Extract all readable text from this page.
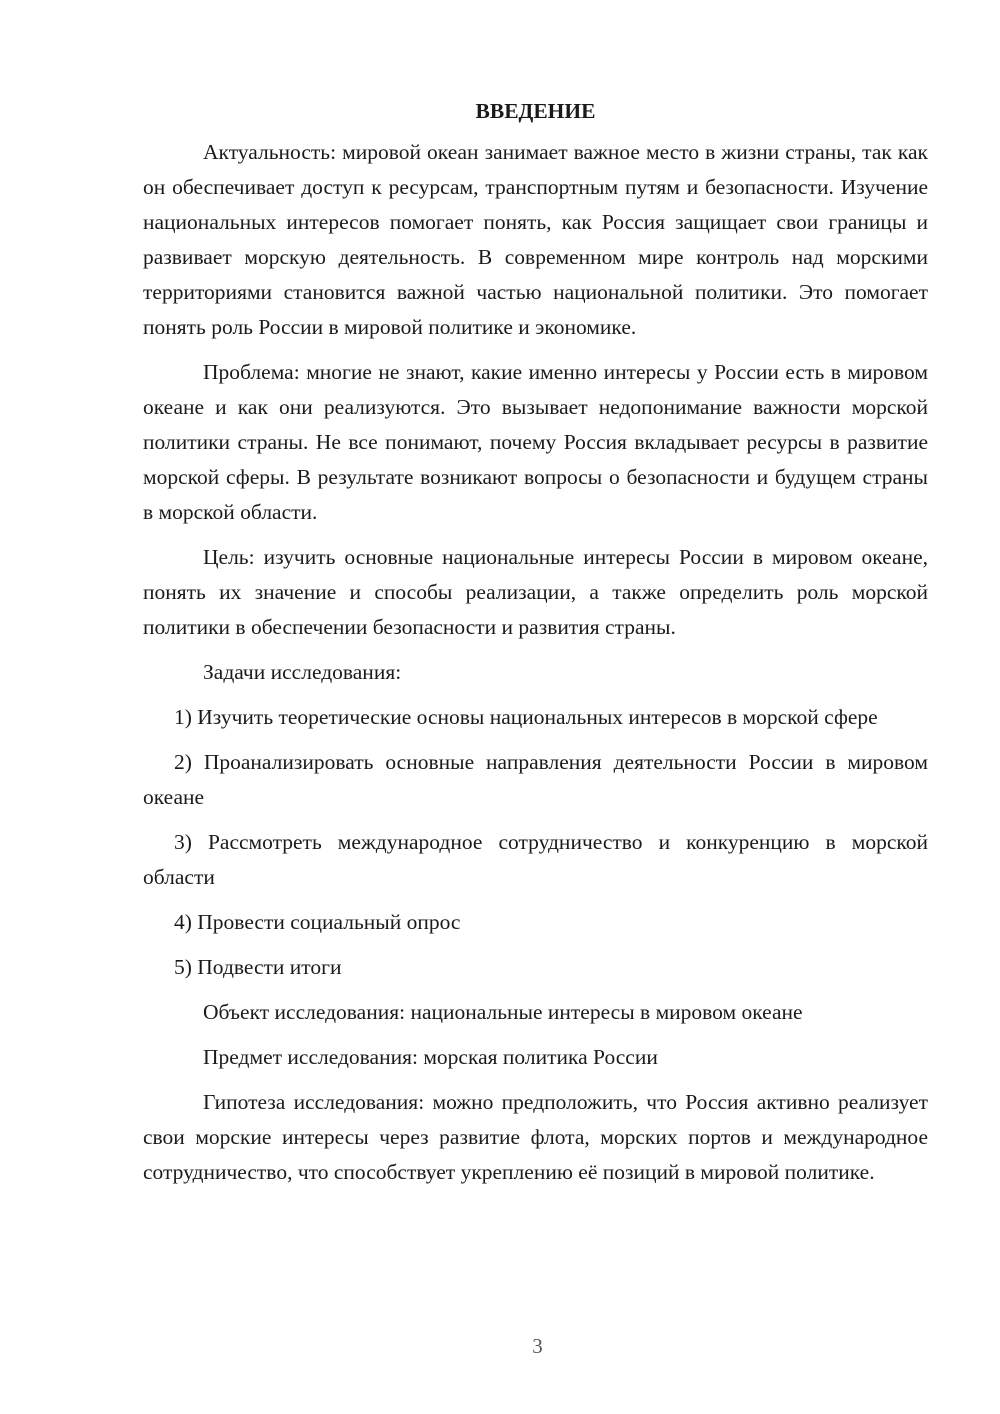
ВВЕДЕНИЕ

Актуальность: мировой океан занимает важное место в жизни страны, так как он обеспечивает доступ к ресурсам, транспортным путям и безопасности. Изучение национальных интересов помогает понять, как Россия защищает свои границы и развивает морскую деятельность. В современном мире контроль над морскими территориями становится важной частью национальной политики. Это помогает понять роль России в мировой политике и экономике.

Проблема: многие не знают, какие именно интересы у России есть в мировом океане и как они реализуются. Это вызывает недопонимание важности морской политики страны. Не все понимают, почему Россия вкладывает ресурсы в развитие морской сферы. В результате возникают вопросы о безопасности и будущем страны в морской области.

Цель: изучить основные национальные интересы России в мировом океане, понять их значение и способы реализации, а также определить роль морской политики в обеспечении безопасности и развития страны.

Задачи исследования:

1) Изучить теоретические основы национальных интересов в морской сфере

2) Проанализировать основные направления деятельности России в мировом океане

3) Рассмотреть международное сотрудничество и конкуренцию в морской области

4) Провести социальный опрос

5) Подвести итоги

Объект исследования: национальные интересы в мировом океане

Предмет исследования: морская политика России

Гипотеза исследования: можно предположить, что Россия активно реализует свои морские интересы через развитие флота, морских портов и международное сотрудничество, что способствует укреплению её позиций в мировой политике.

3
